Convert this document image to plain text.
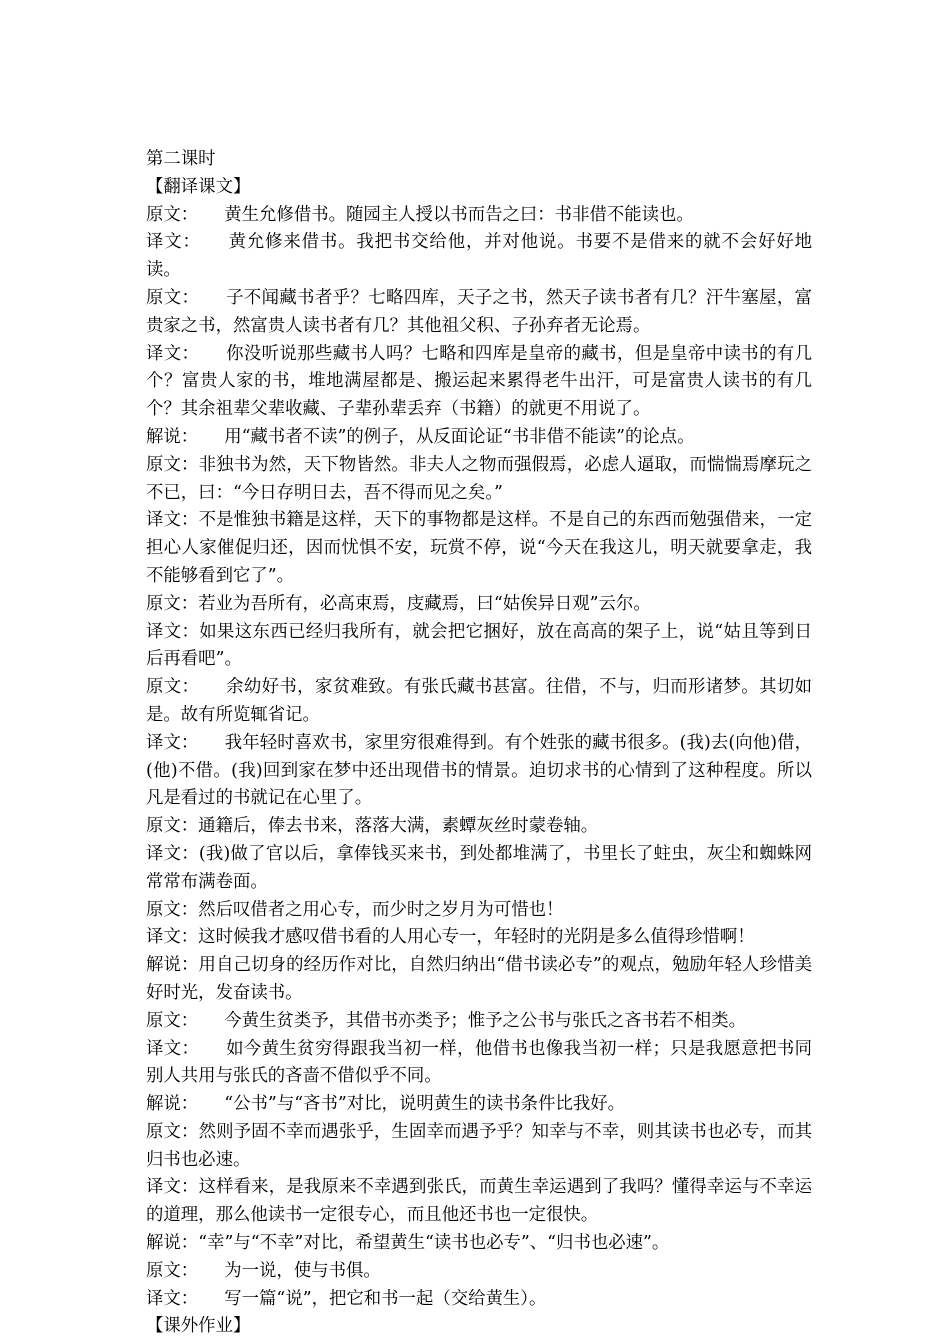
第二课时

【翻译课文】

原文：　　黄生允修借书。随园主人授以书而告之曰：书非借不能读也。

译文：　　黄允修来借书。我把书交给他，并对他说。书要不是借来的就不会好好地读。

原文：　　子不闻藏书者乎？七略四库，天子之书，然天子读书者有几？汗牛塞屋，富贵家之书，然富贵人读书者有几？其他祖父积、子孙弃者无论焉。

译文：　　你没听说那些藏书人吗？七略和四库是皇帝的藏书，但是皇帝中读书的有几个？富贵人家的书，堆地满屋都是、搬运起来累得老牛出汗，可是富贵人读书的有几个？其余祖辈父辈收藏、子辈孙辈丢弃（书籍）的就更不用说了。

解说：　　用“藏书者不读”的例子，从反面论证“书非借不能读”的论点。

原文：非独书为然，天下物皆然。非夫人之物而强假焉，必虑人逼取，而惴惴焉摩玩之不已，曰：“今日存明日去，吾不得而见之矣。”

译文：不是惟独书籍是这样，天下的事物都是这样。不是自己的东西而勉强借来，一定担心人家催促归还，因而忧惧不安，玩赏不停，说“今天在我这儿，明天就要拿走，我不能够看到它了”。

原文：若业为吾所有，必高束焉，庋藏焉，曰“姑俟异日观”云尔。

译文：如果这东西已经归我所有，就会把它捆好，放在高高的架子上，说“姑且等到日后再看吧”。

原文：　　余幼好书，家贫难致。有张氏藏书甚富。往借，不与，归而形诸梦。其切如是。故有所览辄省记。

译文：　　我年轻时喜欢书，家里穷很难得到。有个姓张的藏书很多。(我)去(向他)借，(他)不借。(我)回到家在梦中还出现借书的情景。迫切求书的心情到了这种程度。所以凡是看过的书就记在心里了。

原文：通籍后，俸去书来，落落大满，素蟫灰丝时蒙卷轴。

译文：(我)做了官以后，拿俸钱买来书，到处都堆满了，书里长了蛀虫，灰尘和蜘蛛网常常布满卷面。

原文：然后叹借者之用心专，而少时之岁月为可惜也！

译文：这时候我才感叹借书看的人用心专一，年轻时的光阴是多么值得珍惜啊！

解说：用自己切身的经历作对比，自然归纳出“借书读必专”的观点，勉励年轻人珍惜美好时光，发奋读书。

原文：　　今黄生贫类予，其借书亦类予；惟予之公书与张氏之吝书若不相类。

译文：　　如今黄生贫穷得跟我当初一样，他借书也像我当初一样；只是我愿意把书同别人共用与张氏的吝啬不借似乎不同。

解说：　　“公书”与“吝书”对比，说明黄生的读书条件比我好。

原文：然则予固不幸而遇张乎，生固幸而遇予乎？知幸与不幸，则其读书也必专，而其归书也必速。

译文：这样看来，是我原来不幸遇到张氏，而黄生幸运遇到了我吗？懂得幸运与不幸运的道理，那么他读书一定很专心，而且他还书也一定很快。

解说：“幸”与“不幸”对比，希望黄生“读书也必专”、“归书也必速”。

原文：　　为一说，使与书俱。

译文：　　写一篇“说”，把它和书一起（交给黄生）。

【课外作业】
